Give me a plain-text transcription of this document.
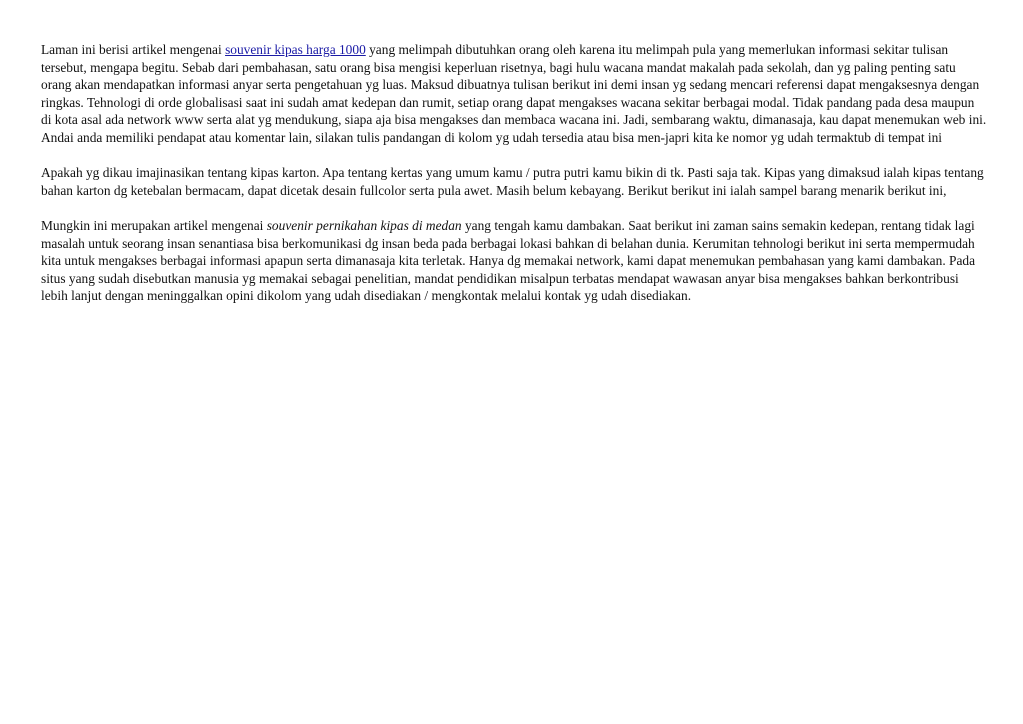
Laman ini berisi artikel mengenai souvenir kipas harga 1000 yang melimpah dibutuhkan orang oleh karena itu melimpah pula yang memerlukan informasi sekitar tulisan tersebut, mengapa begitu. Sebab dari pembahasan, satu orang bisa mengisi keperluan risetnya, bagi hulu wacana mandat makalah pada sekolah, dan yg paling penting satu orang akan mendapatkan informasi anyar serta pengetahuan yg luas. Maksud dibuatnya tulisan berikut ini demi insan yg sedang mencari referensi dapat mengaksesnya dengan ringkas. Tehnologi di orde globalisasi saat ini sudah amat kedepan dan rumit, setiap orang dapat mengakses wacana sekitar berbagai modal. Tidak pandang pada desa maupun di kota asal ada network www serta alat yg mendukung, siapa aja bisa mengakses dan membaca wacana ini. Jadi, sembarang waktu, dimanasaja, kau dapat menemukan web ini. Andai anda memiliki pendapat atau komentar lain, silakan tulis pandangan di kolom yg udah tersedia atau bisa men-japri kita ke nomor yg udah termaktub di tempat ini

Apakah yg dikau imajinasikan tentang kipas karton. Apa tentang kertas yang umum kamu / putra putri kamu bikin di tk. Pasti saja tak. Kipas yang dimaksud ialah kipas tentang bahan karton dg ketebalan bermacam, dapat dicetak desain fullcolor serta pula awet. Masih belum kebayang. Berikut berikut ini ialah sampel barang menarik berikut ini,

Mungkin ini merupakan artikel mengenai souvenir pernikahan kipas di medan yang tengah kamu dambakan. Saat berikut ini zaman sains semakin kedepan, rentang tidak lagi masalah untuk seorang insan senantiasa bisa berkomunikasi dg insan beda pada berbagai lokasi bahkan di belahan dunia. Kerumitan tehnologi berikut ini serta mempermudah kita untuk mengakses berbagai informasi apapun serta dimanasaja kita terletak. Hanya dg memakai network, kami dapat menemukan pembahasan yang kami dambakan. Pada situs yang sudah disebutkan manusia yg memakai sebagai penelitian, mandat pendidikan misalpun terbatas mendapat wawasan anyar bisa mengakses bahkan berkontribusi lebih lanjut dengan meninggalkan opini dikolom yang udah disediakan / mengkontak melalui kontak yg udah disediakan.
